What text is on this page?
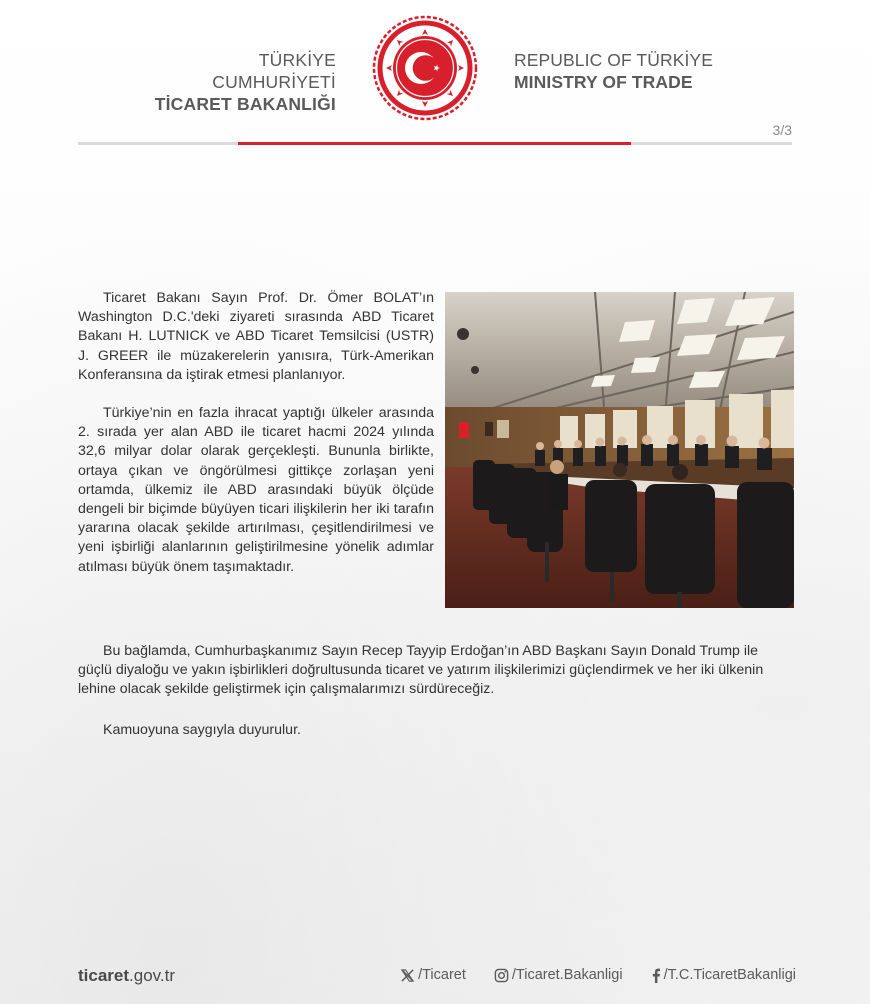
TÜRKİYE CUMHURİYETİ
TİCARET BAKANLIĞI
REPUBLIC OF TÜRKİYE
MINISTRY OF TRADE
3/3

Ticaret Bakanı Sayın Prof. Dr. Ömer BOLAT’ın Washington D.C.'deki ziyareti sırasında ABD Ticaret Bakanı H. LUTNICK ve ABD Ticaret Temsilcisi (USTR) J. GREER ile müzakerelerin yanısıra, Türk-Amerikan Konferansına da iştirak etmesi planlanıyor.

Türkiye’nin en fazla ihracat yaptığı ülkeler arasında 2. sırada yer alan ABD ile ticaret hacmi 2024 yılında 32,6 milyar dolar olarak gerçekleşti. Bununla birlikte, ortaya çıkan ve öngörülmesi gittikçe zorlaşan yeni ortamda, ülkemiz ile ABD arasındaki büyük ölçüde dengeli bir biçimde büyüyen ticari ilişkilerin her iki tarafın yararına olacak şekilde artırılması, çeşitlendirilmesi ve yeni işbirliği alanlarının geliştirilmesine yönelik adımlar atılması büyük önem taşımaktadır.

Bu bağlamda, Cumhurbaşkanımız Sayın Recep Tayyip Erdoğan’ın ABD Başkanı Sayın Donald Trump ile güçlü diyaloğu ve yakın işbirlikleri doğrultusunda ticaret ve yatırım ilişkilerimizi güçlendirmek ve her iki ülkenin lehine olacak şekilde geliştirmek için çalışmalarımızı sürdüreceğiz.

Kamuoyuna saygıyla duyurulur.

ticaret.gov.tr	/Ticaret	/Ticaret.Bakanligi	/T.C.TicaretBakanligi
